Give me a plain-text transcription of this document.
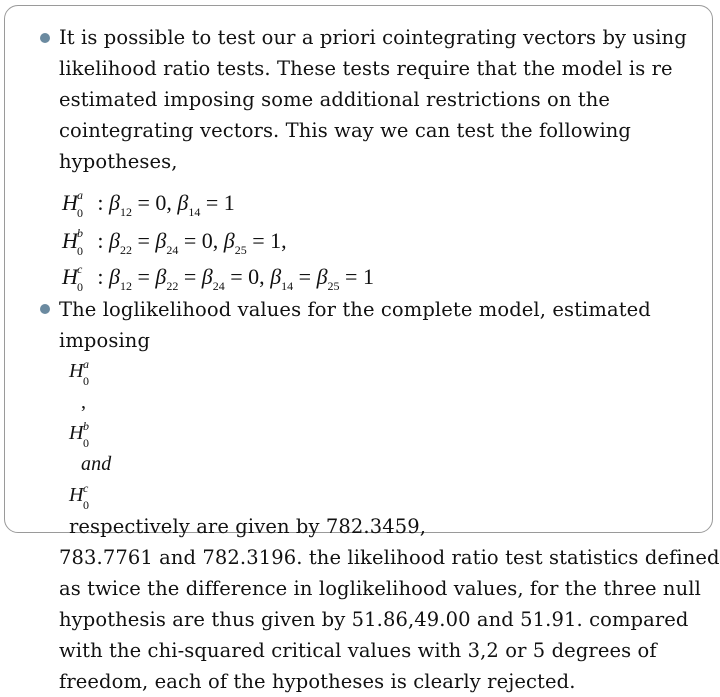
It is possible to test our a priori cointegrating vectors by using
likelihood ratio tests. These tests require that the model is re
estimated imposing some additional restrictions on the
cointegrating vectors. This way we can test the following
hypotheses,
H a
0 : $\beta_{12} = 0$, $\beta_{14} = 1$
H b
0 : $\beta_{22} = \beta_{24} = 0$, $\beta_{25} = 1$,
H c
0 : $\beta_{12} = \beta_{22} = \beta_{24} = 0$, $\beta_{14} = \beta_{25} = 1$
The loglikelihood values for the complete model, estimated
imposing
H a
0
,
H b
0
and
H c
0
respectively are given by 782.3459,
783.7761 and 782.3196. the likelihood ratio test statistics defined
as twice the difference in loglikelihood values, for the three null
hypothesis are thus given by 51.86,49.00 and 51.91. compared
with the chi-squared critical values with 3,2 or 5 degrees of
freedom, each of the hypotheses is clearly rejected.
